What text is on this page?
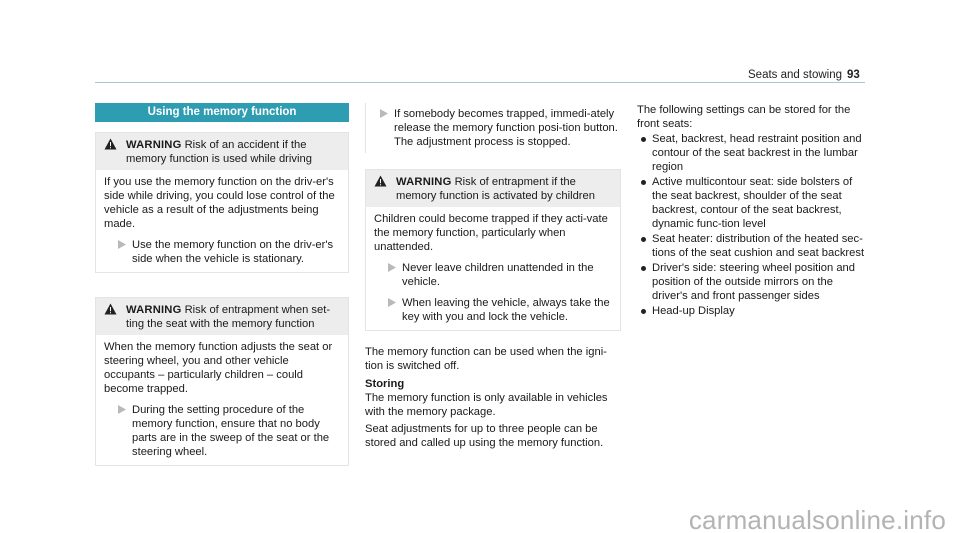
Seats and stowing 93
Using the memory function
WARNING Risk of an accident if the memory function is used while driving

If you use the memory function on the driv-er's side while driving, you could lose control of the vehicle as a result of the adjustments being made.

Use the memory function on the driv-er's side when the vehicle is stationary.
WARNING Risk of entrapment when set-ting the seat with the memory function

When the memory function adjusts the seat or steering wheel, you and other vehicle occupants – particularly children – could become trapped.

During the setting procedure of the memory function, ensure that no body parts are in the sweep of the seat or the steering wheel.
If somebody becomes trapped, immedi-ately release the memory function posi-tion button.
The adjustment process is stopped.
WARNING Risk of entrapment if the memory function is activated by children

Children could become trapped if they acti-vate the memory function, particularly when unattended.

Never leave children unattended in the vehicle.
When leaving the vehicle, always take the key with you and lock the vehicle.

The memory function can be used when the igni-tion is switched off.

Storing

The memory function is only available in vehicles with the memory package.

Seat adjustments for up to three people can be stored and called up using the memory function.

The following settings can be stored for the front seats:

Seat, backrest, head restraint position and contour of the seat backrest in the lumbar region
Active multicontour seat: side bolsters of the seat backrest, shoulder of the seat backrest, contour of the seat backrest, dynamic func-tion level
Seat heater: distribution of the heated sec-tions of the seat cushion and seat backrest
Driver's side: steering wheel position and position of the outside mirrors on the driver's and front passenger sides
Head-up Display
carmanualsonline.info
